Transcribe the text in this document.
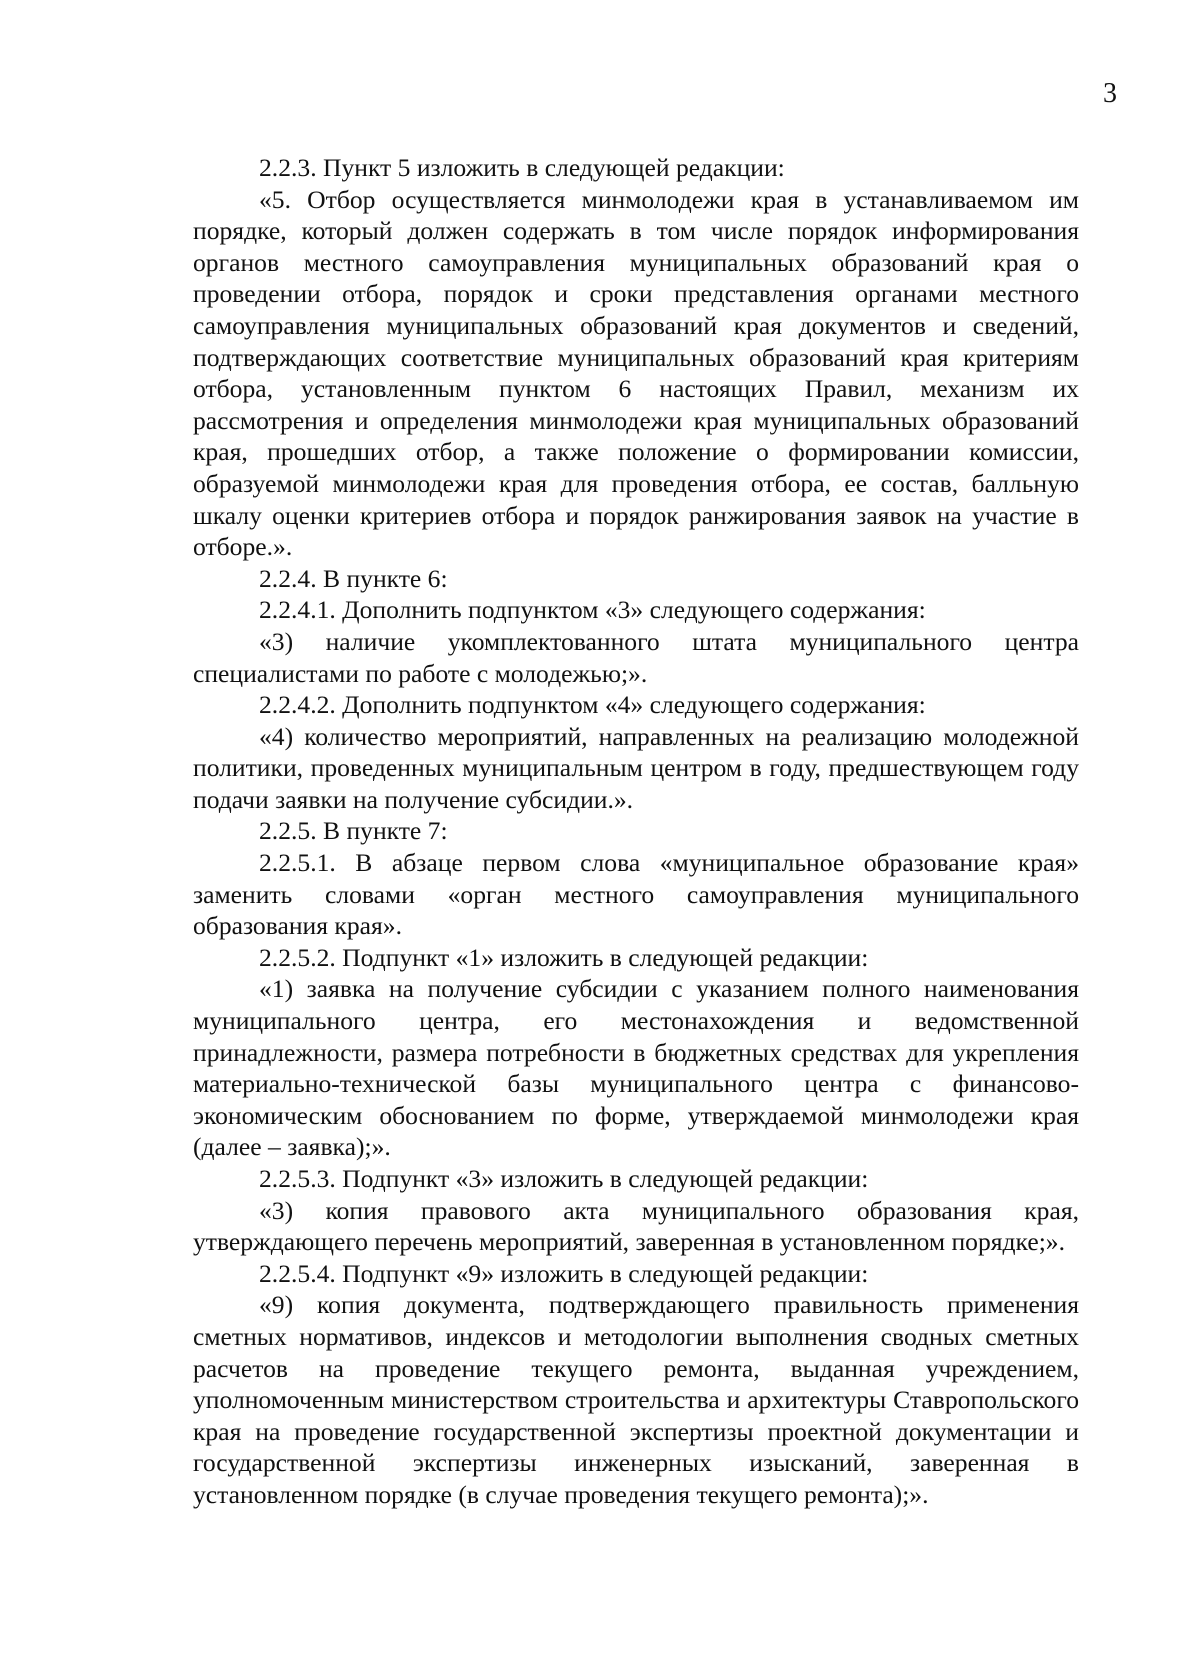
3

2.2.3. Пункт 5 изложить в следующей редакции:

«5. Отбор осуществляется минмолодежи края в устанавливаемом им порядке, который должен содержать в том числе порядок информирования органов местного самоуправления муниципальных образований края о проведении отбора, порядок и сроки представления органами местного самоуправления муниципальных образований края документов и сведений, подтверждающих соответствие муниципальных образований края критериям отбора, установленным пунктом 6 настоящих Правил, механизм их рассмотрения и определения минмолодежи края муниципальных образований края, прошедших отбор, а также положение о формировании комиссии, образуемой минмолодежи края для проведения отбора, ее состав, балльную шкалу оценки критериев отбора и порядок ранжирования заявок на участие в отборе.».

2.2.4. В пункте 6:

2.2.4.1. Дополнить подпунктом «3» следующего содержания:

«3) наличие укомплектованного штата муниципального центра специалистами по работе с молодежью;».

2.2.4.2. Дополнить подпунктом «4» следующего содержания:

«4) количество мероприятий, направленных на реализацию молодежной политики, проведенных муниципальным центром в году, предшествующем году подачи заявки на получение субсидии.».

2.2.5. В пункте 7:

2.2.5.1. В абзаце первом слова «муниципальное образование края» заменить словами «орган местного самоуправления муниципального образования края».

2.2.5.2. Подпункт «1» изложить в следующей редакции:

«1) заявка на получение субсидии с указанием полного наименования муниципального центра, его местонахождения и ведомственной принадлежности, размера потребности в бюджетных средствах для укрепления материально-технической базы муниципального центра с финансово-экономическим обоснованием по форме, утверждаемой минмолодежи края (далее – заявка);».

2.2.5.3. Подпункт «3» изложить в следующей редакции:

«3) копия правового акта муниципального образования края, утверждающего перечень мероприятий, заверенная в установленном порядке;».

2.2.5.4. Подпункт «9» изложить в следующей редакции:

«9) копия документа, подтверждающего правильность применения сметных нормативов, индексов и методологии выполнения сводных сметных расчетов на проведение текущего ремонта, выданная учреждением, уполномоченным министерством строительства и архитектуры Ставропольского края на проведение государственной экспертизы проектной документации и государственной экспертизы инженерных изысканий, заверенная в установленном порядке (в случае проведения текущего ремонта);».
